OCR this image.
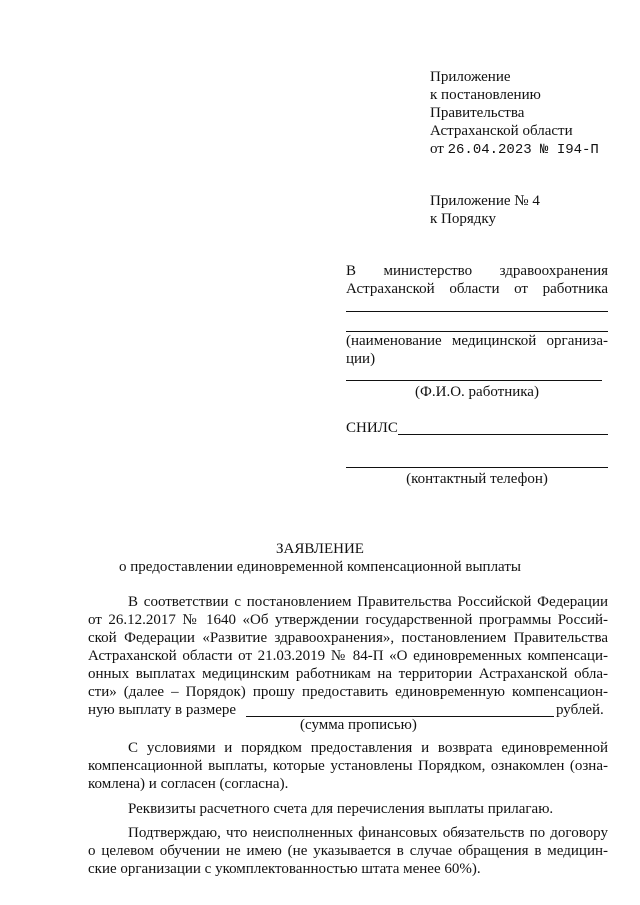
Приложение
к постановлению
Правительства
Астраханской области
от 26.04.2023 № I94-П
Приложение № 4
к Порядку
В министерство здравоохранения
Астраханской области от работника
(наименование медицинской организа-
ции)
(Ф.И.О. работника)
СНИЛС
(контактный телефон)
ЗАЯВЛЕНИЕ
о предоставлении единовременной компенсационной выплаты
В соответствии с постановлением Правительства Российской Федерации
от 26.12.2017 № 1640 «Об утверждении государственной программы Россий-
ской Федерации «Развитие здравоохранения», постановлением Правительства
Астраханской области от 21.03.2019 № 84-П «О единовременных компенсаци-
онных выплатах медицинским работникам на территории Астраханской обла-
сти» (далее – Порядок) прошу предоставить единовременную компенсацион-
ную выплату в размере	рублей.
(сумма прописью)
С условиями и порядком предоставления и возврата единовременной
компенсационной выплаты, которые установлены Порядком, ознакомлен (озна-
комлена) и согласен (согласна).
Реквизиты расчетного счета для перечисления выплаты прилагаю.
Подтверждаю, что неисполненных финансовых обязательств по договору
о целевом обучении не имею (не указывается в случае обращения в медицин-
ские организации с укомплектованностью штата менее 60%).
